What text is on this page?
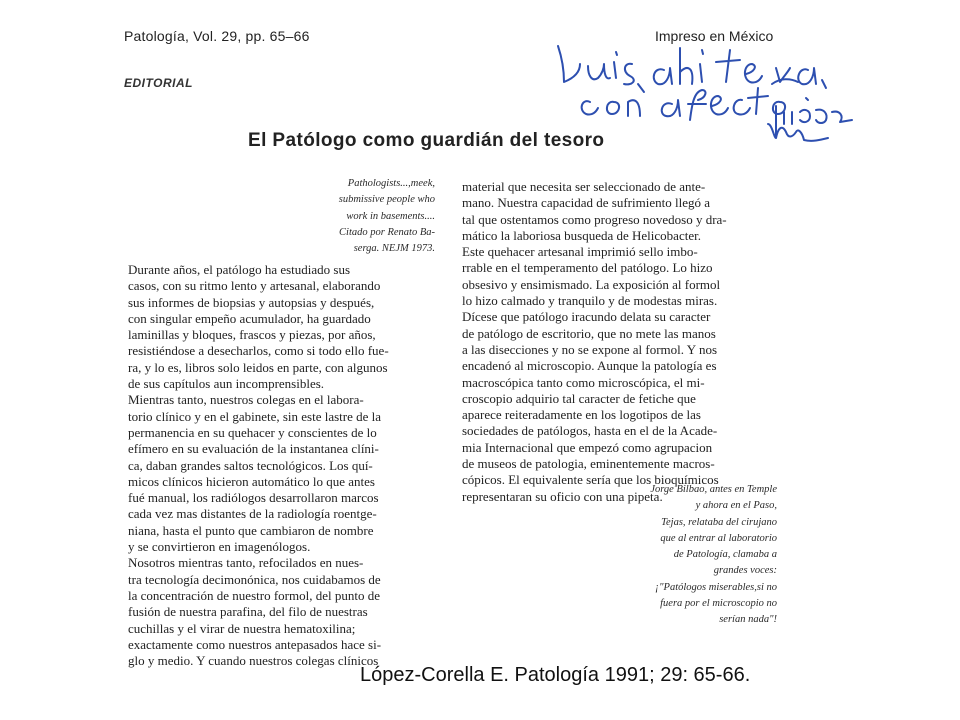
Patología, Vol. 29, pp. 65–66	Impreso en México
EDITORIAL
El Patólogo como guardián del tesoro
Pathologists...,meek,
submissive people who
work in basements....
Citado por Renato Ba-
serga. NEJM 1973.
Durante años, el patólogo ha estudiado sus
casos, con su ritmo lento y artesanal, elaborando
sus informes de biopsias y autopsias y después,
con singular empeño acumulador, ha guardado
laminillas y bloques, frascos y piezas, por años,
resistiéndose a desecharlos, como si todo ello fue-
ra, y lo es, libros solo leidos en parte, con algunos
de sus capítulos aun incomprensibles.
Mientras tanto, nuestros colegas en el labora-
torio clínico y en el gabinete, sin este lastre de la
permanencia en su quehacer y conscientes de lo
efímero en su evaluación de la instantanea clíni-
ca, daban grandes saltos tecnológicos. Los quí-
micos clínicos hicieron automático lo que antes
fué manual, los radiólogos desarrollaron marcos
cada vez mas distantes de la radiología roentge-
niana, hasta el punto que cambiaron de nombre
y se convirtieron en imagenólogos.
Nosotros mientras tanto, refocilados en nues-
tra tecnología decimonónica, nos cuidabamos de
la concentración de nuestro formol, del punto de
fusión de nuestra parafina, del filo de nuestras
cuchillas y el virar de nuestra hematoxilina;
exactamente como nuestros antepasados hace si-
glo y medio. Y cuando nuestros colegas clínicos
material que necesita ser seleccionado de ante-
mano. Nuestra capacidad de sufrimiento llegó a
tal que ostentamos como progreso novedoso y dra-
mático la laboriosa busqueda de Helicobacter.
Este quehacer artesanal imprimió sello imbo-
rrable en el temperamento del patólogo. Lo hizo
obsesivo y ensimismado. La exposición al formol
lo hizo calmado y tranquilo y de modestas miras.
Dícese que patólogo iracundo delata su caracter
de patólogo de escritorio, que no mete las manos
a las disecciones y no se expone al formol. Y nos
encadenó al microscopio. Aunque la patología es
macroscópica tanto como microscópica, el mi-
croscopio adquirio tal caracter de fetiche que
aparece reiteradamente en los logotipos de las
sociedades de patólogos, hasta en el de la Acade-
mia Internacional que empezó como agrupacion
de museos de patologia, eminentemente macros-
cópicos. El equivalente sería que los bioquímicos
representaran su oficio con una pipeta.
Jorge Bilbao, antes en Temple
y ahora en el Paso,
Tejas, relataba del cirujano
que al entrar al laboratorio
de Patología, clamaba a
grandes voces:
¡"Patólogos miserables,si no
fuera por el microscopio no
serían nada"!
López-Corella E. Patología 1991; 29: 65-66.
